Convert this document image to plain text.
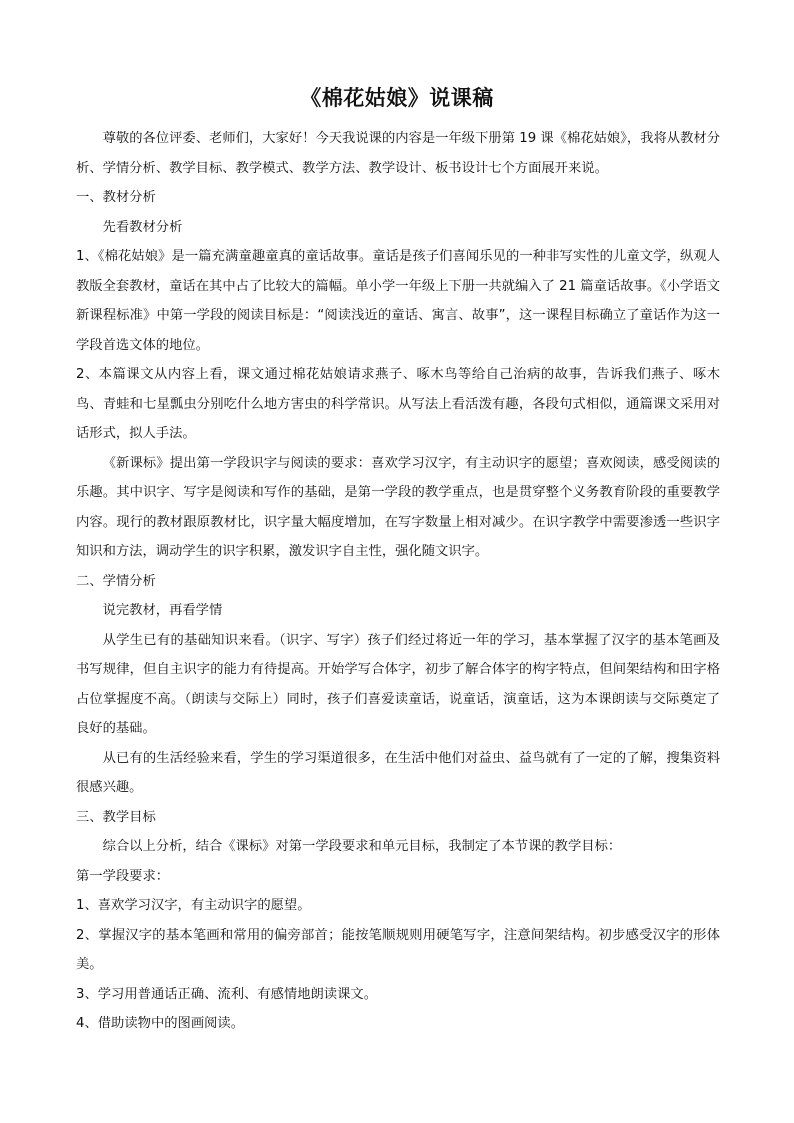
《棉花姑娘》说课稿

尊敬的各位评委、老师们，大家好！今天我说课的内容是一年级下册第 19 课《棉花姑娘》，我将从教材分析、学情分析、教学目标、教学模式、教学方法、教学设计、板书设计七个方面展开来说。

一、教材分析

先看教材分析

1、《棉花姑娘》是一篇充满童趣童真的童话故事。童话是孩子们喜闻乐见的一种非写实性的儿童文学，纵观人教版全套教材，童话在其中占了比较大的篇幅。单小学一年级上下册一共就编入了 21 篇童话故事。《小学语文新课程标准》中第一学段的阅读目标是：“阅读浅近的童话、寓言、故事”，这一课程目标确立了童话作为这一学段首选文体的地位。

2、本篇课文从内容上看，课文通过棉花姑娘请求燕子、啄木鸟等给自己治病的故事，告诉我们燕子、啄木鸟、青蛙和七星瓢虫分别吃什么地方害虫的科学常识。从写法上看活泼有趣，各段句式相似，通篇课文采用对话形式，拟人手法。

《新课标》提出第一学段识字与阅读的要求：喜欢学习汉字，有主动识字的愿望；喜欢阅读，感受阅读的乐趣。其中识字、写字是阅读和写作的基础，是第一学段的教学重点，也是贯穿整个义务教育阶段的重要教学内容。现行的教材跟原教材比，识字量大幅度增加，在写字数量上相对减少。在识字教学中需要渗透一些识字知识和方法，调动学生的识字积累，激发识字自主性，强化随文识字。

二、学情分析

说完教材，再看学情

从学生已有的基础知识来看。（识字、写字）孩子们经过将近一年的学习，基本掌握了汉字的基本笔画及书写规律，但自主识字的能力有待提高。开始学写合体字，初步了解合体字的构字特点，但间架结构和田字格占位掌握度不高。（朗读与交际上）同时，孩子们喜爱读童话，说童话，演童话，这为本课朗读与交际奠定了良好的基础。

从已有的生活经验来看，学生的学习渠道很多，在生活中他们对益虫、益鸟就有了一定的了解，搜集资料很感兴趣。

三、教学目标

综合以上分析，结合《课标》对第一学段要求和单元目标，我制定了本节课的教学目标：

第一学段要求：

1、喜欢学习汉字，有主动识字的愿望。

2、掌握汉字的基本笔画和常用的偏旁部首；能按笔顺规则用硬笔写字，注意间架结构。初步感受汉字的形体美。

3、学习用普通话正确、流利、有感情地朗读课文。

4、借助读物中的图画阅读。
